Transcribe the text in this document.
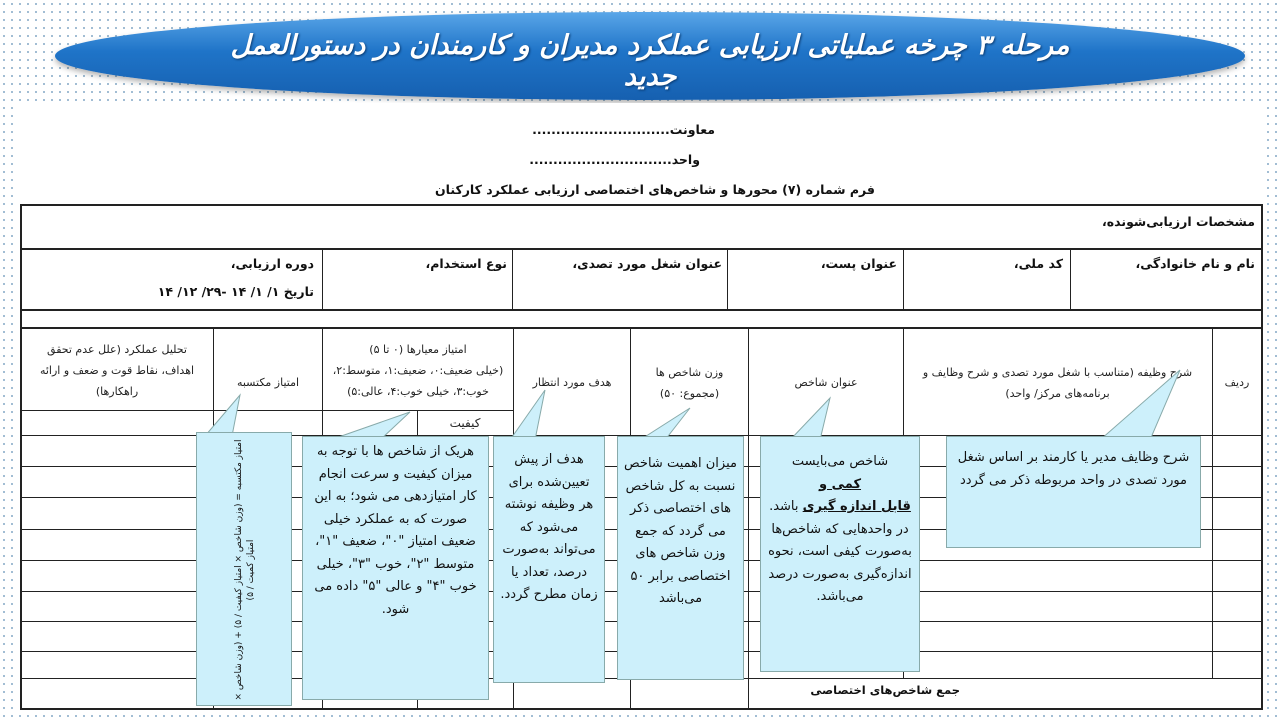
مرحله ۳ چرخه عملیاتی ارزیابی عملکرد مدیران و کارمندان در دستورالعمل جدید
معاونت.............................
واحد..............................
فرم شماره (۷) محورها و شاخص‌های اختصاصی ارزیابی عملکرد کارکنان
مشخصات ارزیابی‌شونده،
نام و نام خانوادگی،
کد ملی،
عنوان پست،
عنوان شغل مورد تصدی،
نوع استخدام،
دوره ارزیابی،
تاریخ ۱/ ۱/ ۱۴ -۲۹/ ۱۲/ ۱۴
ردیف
شرح وظیفه (متناسب با شغل مورد تصدی و شرح وظایف و
برنامه‌های مرکز/ واحد)
عنوان شاخص
وزن شاخص ها
(مجموع: ۵۰)
هدف مورد انتظار
امتیاز معیارها (۰ تا ۵)
(خیلی ضعیف:۰، ضعیف:۱، متوسط:۲،
خوب:۳، خیلی خوب:۴، عالی:۵)
کیفیت
امتیاز مکتسبه
تحلیل عملکرد (علل عدم تحقق
اهداف، نقاط قوت و ضعف و ارائه
راهکارها)
جمع شاخص‌های اختصاصی
شرح وظایف مدیر یا کارمند بر اساس شغل مورد تصدی در واحد مربوطه ذکر می گردد
شاخص می‌بایست
کمی و
قابل اندازه گیری باشد. در واحدهایی که شاخص‌ها به‌صورت کیفی است، نحوه اندازه‌گیری به‌صورت درصد می‌باشد.
میزان اهمیت شاخص نسبت به کل شاخص های اختصاصی ذکر می گردد که جمع وزن شاخص های اختصاصی برابر ۵۰ می‌باشد
هدف از پیش تعیین‌شده برای هر وظیفه نوشته می‌شود که می‌تواند به‌صورت درصد، تعداد یا زمان مطرح گردد.
هریک از شاخص ها با توجه به میزان کیفیت و سرعت انجام کار امتیازدهی می شود؛ به این صورت که به عملکرد خیلی ضعیف امتیاز "۰"، ضعیف "۱"، متوسط "۲"، خوب "۳"، خیلی خوب "۴" و عالی "۵" داده می شود.
امتیاز مکتسبه = (وزن شاخص × امتیاز کیفیت / ۵) + (وزن شاخص × امتیاز کمیت / ۵)
